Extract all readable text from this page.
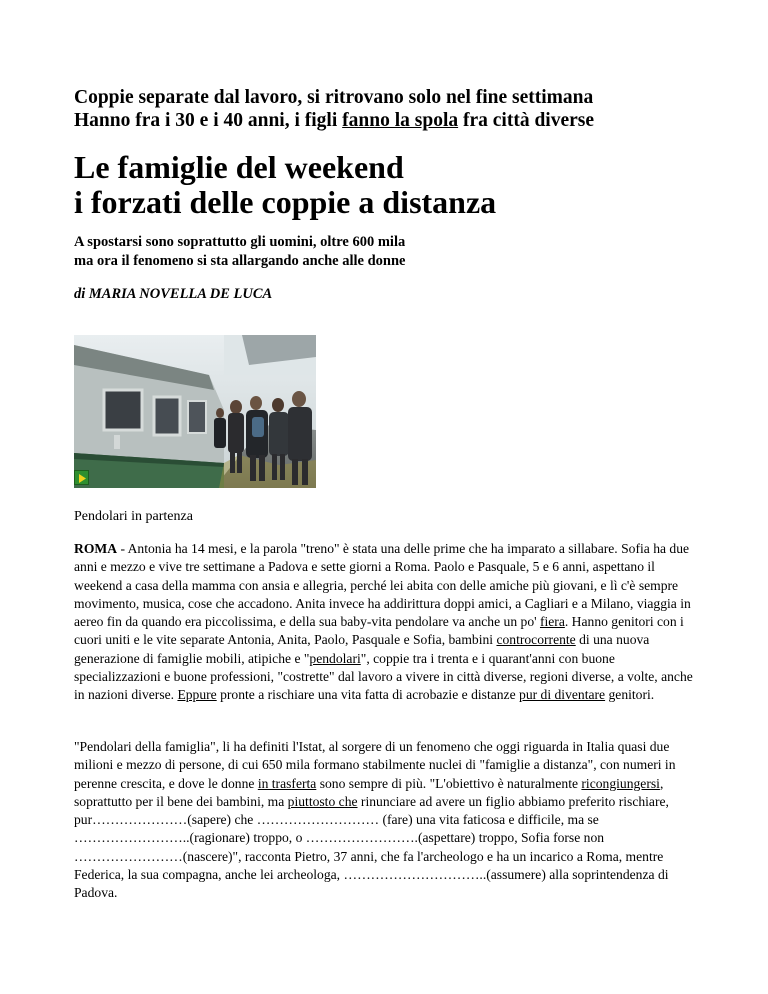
Coppie separate dal lavoro, si ritrovano solo nel fine settimana
Hanno fra i 30 e i 40 anni, i figli fanno la spola fra città diverse
Le famiglie del weekend
i forzati delle coppie a distanza
A spostarsi sono soprattutto gli uomini, oltre 600 mila
ma ora il fenomeno si sta allargando anche alle donne

di MARIA NOVELLA DE LUCA

Pendolari in partenza

ROMA - Antonia ha 14 mesi, e la parola "treno" è stata una delle prime che ha imparato a sillabare. Sofia ha due anni e mezzo e vive tre settimane a Padova e sette giorni a Roma. Paolo e Pasquale, 5 e 6 anni, aspettano il weekend a casa della mamma con ansia e allegria, perché lei abita con delle amiche più giovani, e lì c'è sempre movimento, musica, cose che accadono. Anita invece ha addirittura doppi amici, a Cagliari e a Milano, viaggia in aereo fin da quando era piccolissima, e della sua baby-vita pendolare va anche un po' fiera. Hanno genitori con i cuori uniti e le vite separate Antonia, Anita, Paolo, Pasquale e Sofia, bambini controcorrente di una nuova generazione di famiglie mobili, atipiche e "pendolari", coppie tra i trenta e i quarant'anni con buone specializzazioni e buone professioni, "costrette" dal lavoro a vivere in città diverse, regioni diverse, a volte, anche in nazioni diverse. Eppure pronte a rischiare una vita fatta di acrobazie e distanze pur di diventare genitori.

"Pendolari della famiglia", li ha definiti l'Istat, al sorgere di un fenomeno che oggi riguarda in Italia quasi due milioni e mezzo di persone, di cui 650 mila formano stabilmente nuclei di "famiglie a distanza", con numeri in perenne crescita, e dove le donne in trasferta sono sempre di più. "L'obiettivo è naturalmente ricongiungersi, soprattutto per il bene dei bambini, ma piuttosto che rinunciare ad avere un figlio abbiamo preferito rischiare, pur…………………(sapere) che ……………………… (fare) una vita faticosa e difficile, ma se ……………………..(ragionare) troppo, o …………………….(aspettare) troppo, Sofia forse non ……………………(nascere)", racconta Pietro, 37 anni, che fa l'archeologo e ha un incarico a Roma, mentre Federica, la sua compagna, anche lei archeologa, …………………………..(assumere) alla soprintendenza di Padova.
